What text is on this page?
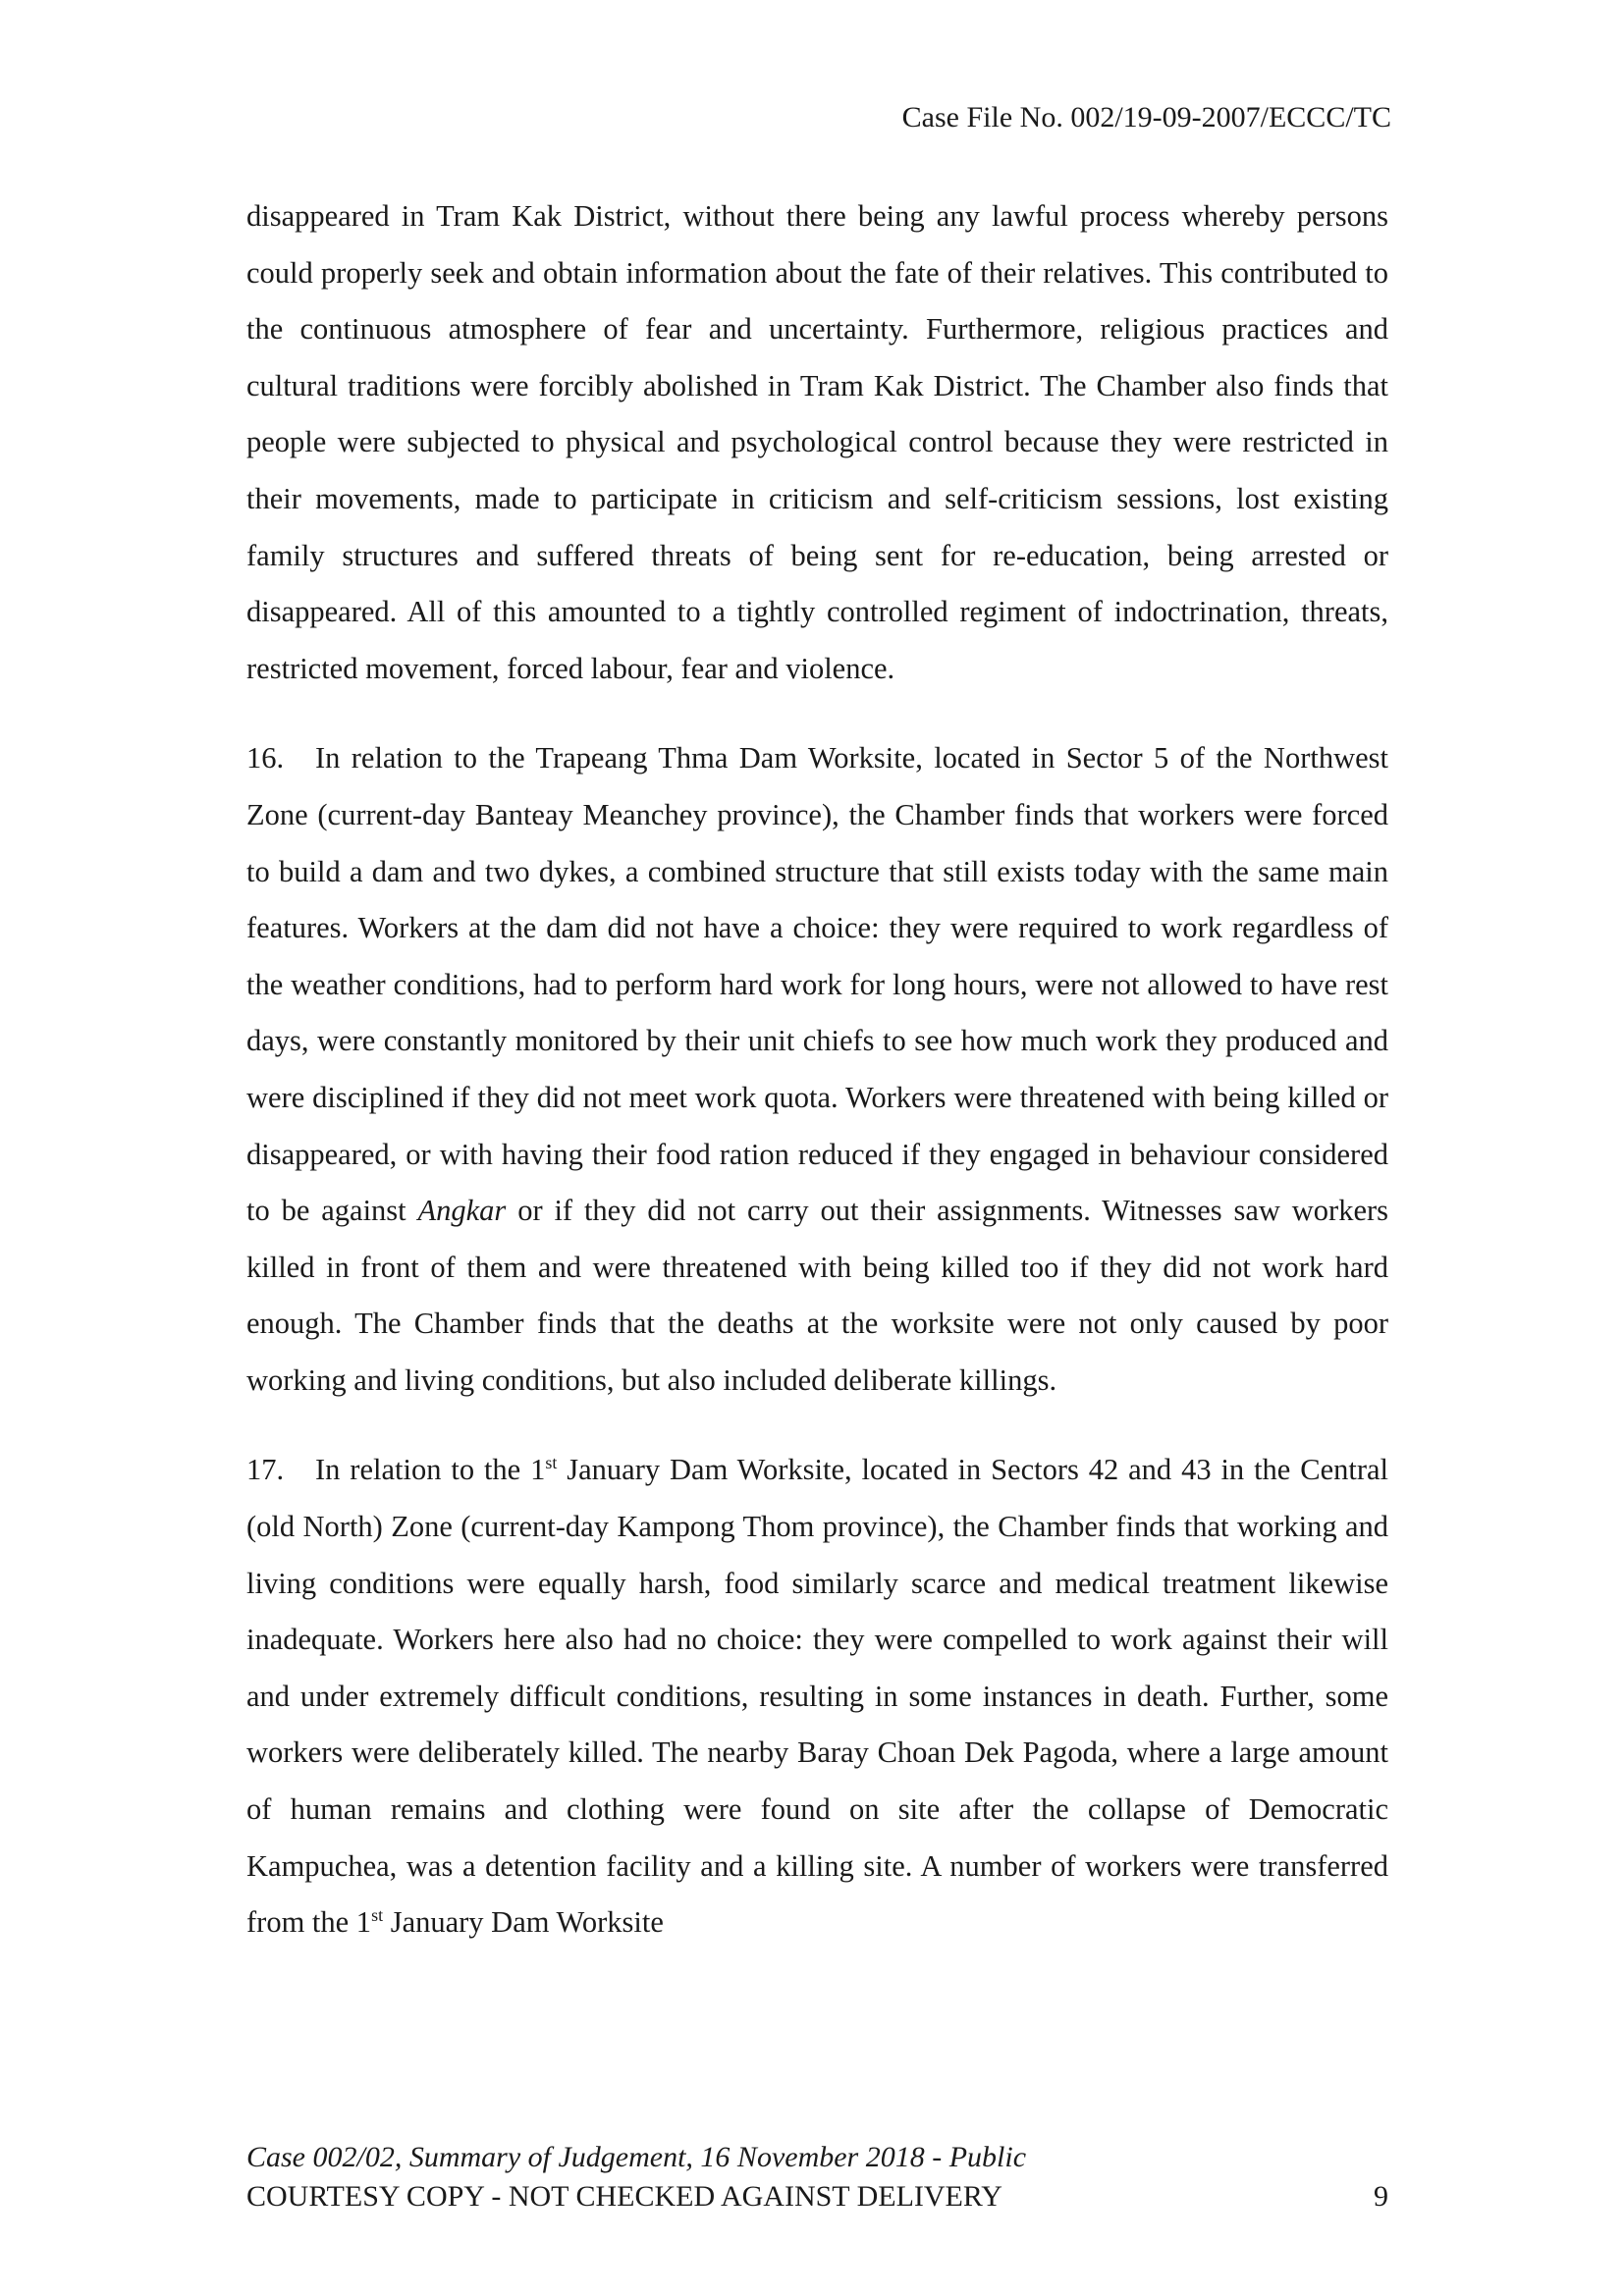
Case File No. 002/19-09-2007/ECCC/TC

disappeared in Tram Kak District, without there being any lawful process whereby persons could properly seek and obtain information about the fate of their relatives. This contributed to the continuous atmosphere of fear and uncertainty. Furthermore, religious practices and cultural traditions were forcibly abolished in Tram Kak District. The Chamber also finds that people were subjected to physical and psychological control because they were restricted in their movements, made to participate in criticism and self-criticism sessions, lost existing family structures and suffered threats of being sent for re-education, being arrested or disappeared. All of this amounted to a tightly controlled regiment of indoctrination, threats, restricted movement, forced labour, fear and violence.

16. In relation to the Trapeang Thma Dam Worksite, located in Sector 5 of the Northwest Zone (current-day Banteay Meanchey province), the Chamber finds that workers were forced to build a dam and two dykes, a combined structure that still exists today with the same main features. Workers at the dam did not have a choice: they were required to work regardless of the weather conditions, had to perform hard work for long hours, were not allowed to have rest days, were constantly monitored by their unit chiefs to see how much work they produced and were disciplined if they did not meet work quota. Workers were threatened with being killed or disappeared, or with having their food ration reduced if they engaged in behaviour considered to be against Angkar or if they did not carry out their assignments. Witnesses saw workers killed in front of them and were threatened with being killed too if they did not work hard enough. The Chamber finds that the deaths at the worksite were not only caused by poor working and living conditions, but also included deliberate killings.

17. In relation to the 1st January Dam Worksite, located in Sectors 42 and 43 in the Central (old North) Zone (current-day Kampong Thom province), the Chamber finds that working and living conditions were equally harsh, food similarly scarce and medical treatment likewise inadequate. Workers here also had no choice: they were compelled to work against their will and under extremely difficult conditions, resulting in some instances in death. Further, some workers were deliberately killed. The nearby Baray Choan Dek Pagoda, where a large amount of human remains and clothing were found on site after the collapse of Democratic Kampuchea, was a detention facility and a killing site. A number of workers were transferred from the 1st January Dam Worksite

Case 002/02, Summary of Judgement, 16 November 2018 - Public
COURTESY COPY - NOT CHECKED AGAINST DELIVERY	9
